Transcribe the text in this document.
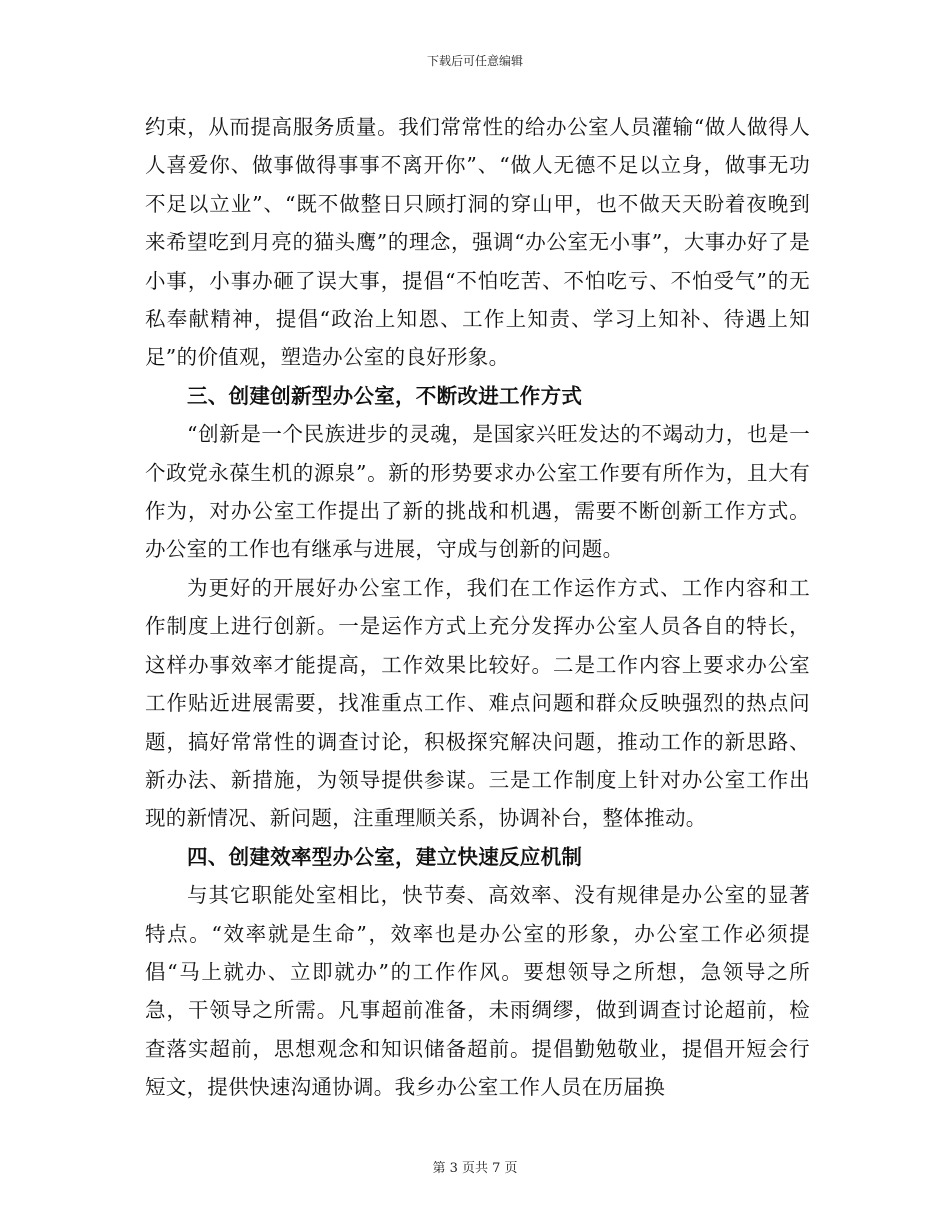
下载后可任意编辑

约束，从而提高服务质量。我们常常性的给办公室人员灌输“做人做得人人喜爱你、做事做得事事不离开你”、“做人无德不足以立身，做事无功不足以立业”、“既不做整日只顾打洞的穿山甲，也不做天天盼着夜晚到来希望吃到月亮的猫头鹰”的理念，强调“办公室无小事”，大事办好了是小事，小事办砸了误大事，提倡“不怕吃苦、不怕吃亏、不怕受气”的无私奉献精神，提倡“政治上知恩、工作上知责、学习上知补、待遇上知足”的价值观，塑造办公室的良好形象。

三、创建创新型办公室，不断改进工作方式

“创新是一个民族进步的灵魂，是国家兴旺发达的不竭动力，也是一个政党永葆生机的源泉”。新的形势要求办公室工作要有所作为，且大有作为，对办公室工作提出了新的挑战和机遇，需要不断创新工作方式。办公室的工作也有继承与进展，守成与创新的问题。

为更好的开展好办公室工作，我们在工作运作方式、工作内容和工作制度上进行创新。一是运作方式上充分发挥办公室人员各自的特长，这样办事效率才能提高，工作效果比较好。二是工作内容上要求办公室工作贴近进展需要，找准重点工作、难点问题和群众反映强烈的热点问题，搞好常常性的调查讨论，积极探究解决问题，推动工作的新思路、新办法、新措施，为领导提供参谋。三是工作制度上针对办公室工作出现的新情况、新问题，注重理顺关系，协调补台，整体推动。

四、创建效率型办公室，建立快速反应机制

与其它职能处室相比，快节奏、高效率、没有规律是办公室的显著特点。“效率就是生命”，效率也是办公室的形象，办公室工作必须提倡“马上就办、立即就办”的工作作风。要想领导之所想，急领导之所急，干领导之所需。凡事超前准备，未雨绸缪，做到调查讨论超前，检查落实超前，思想观念和知识储备超前。提倡勤勉敬业，提倡开短会行短文，提供快速沟通协调。我乡办公室工作人员在历届换

第 3 页共 7 页
